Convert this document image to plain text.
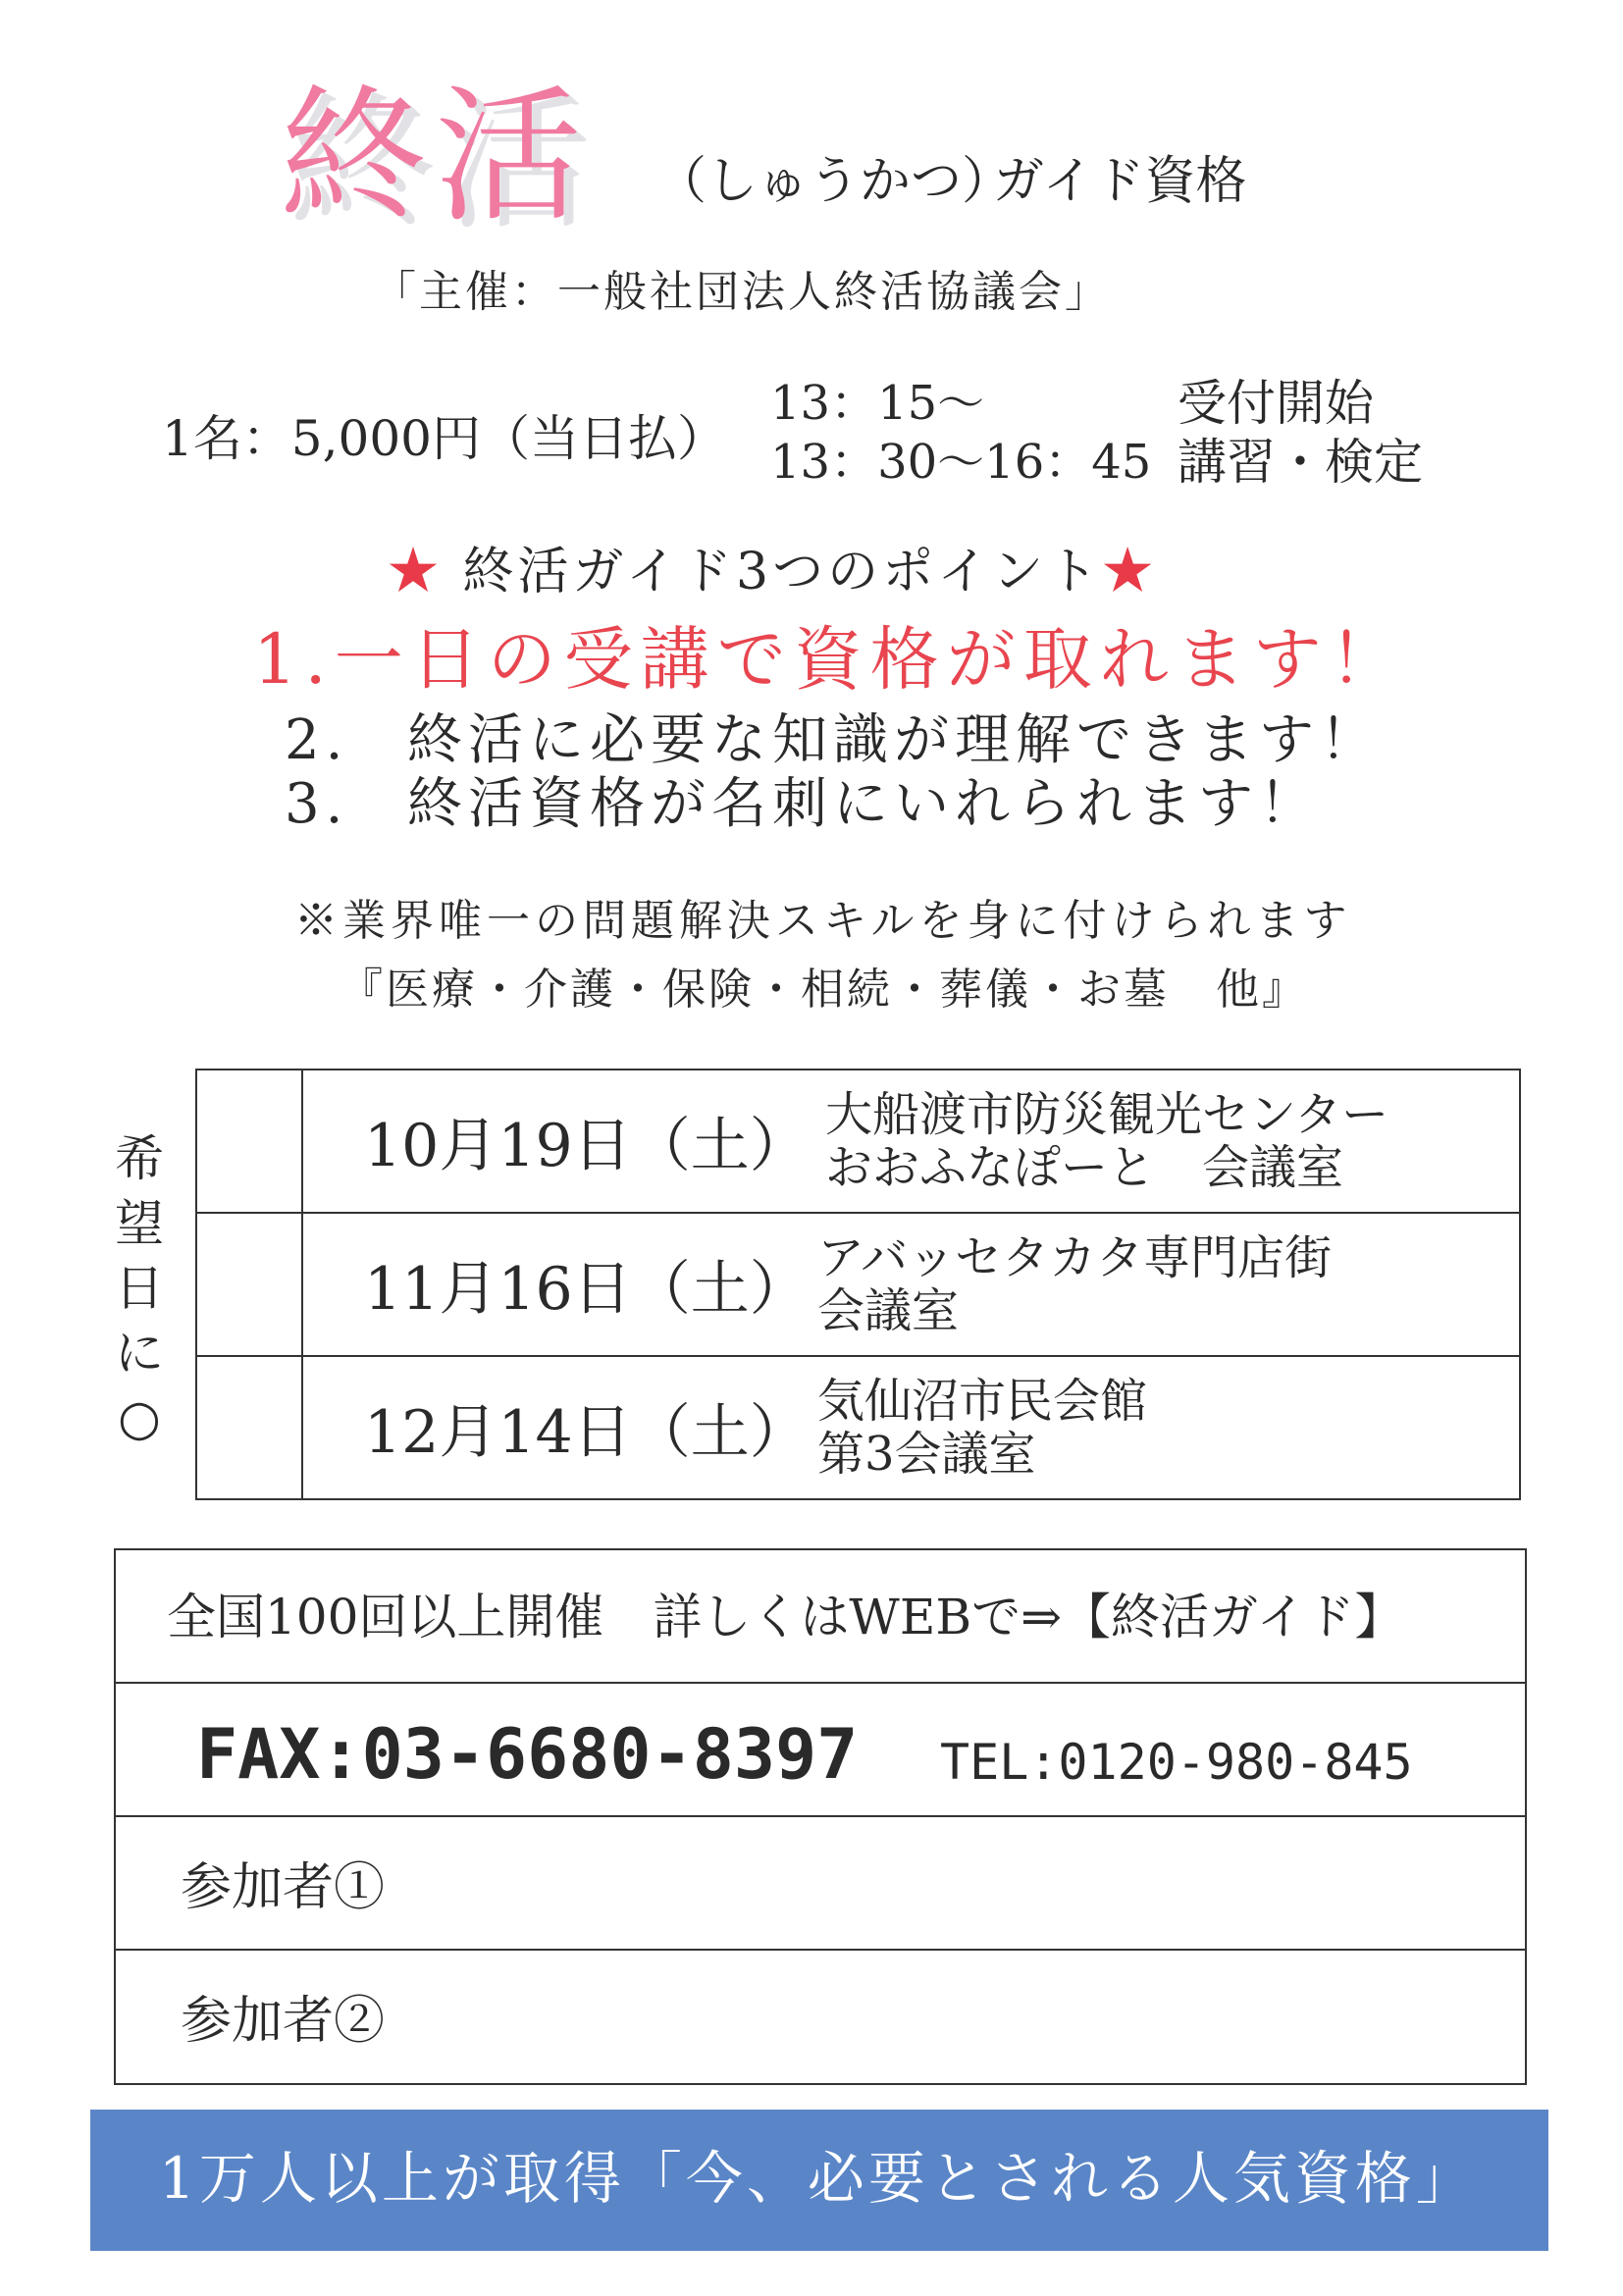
終活 （しゅうかつ）
ガイド資格
「主催：一般社団法人終活協議会」
1名：5,000円（当日払）
13：15～
13：30～16：45
受付開始
講習・検定
★ 終活ガイド3つのポイント★
1.一日の受講で資格が取れます！
2. 終活に必要な知識が理解できます！
3. 終活資格が名刺にいれられます！
※業界唯一の問題解決スキルを身に付けられます
『医療・介護・保険・相続・葬儀・お墓　他』
希望日に○
10月19日（土） 大船渡市防災観光センター
おおふなぽーと　会議室
11月16日（土） アバッセタカタ専門店街
会議室
12月14日（土） 気仙沼市民会館
第3会議室
全国100回以上開催　詳しくはWEBで⇒【終活ガイド】
FAX:03-6680-8397 TEL:0120-980-845
参加者①
参加者②
1万人以上が取得「今、必要とされる人気資格」
